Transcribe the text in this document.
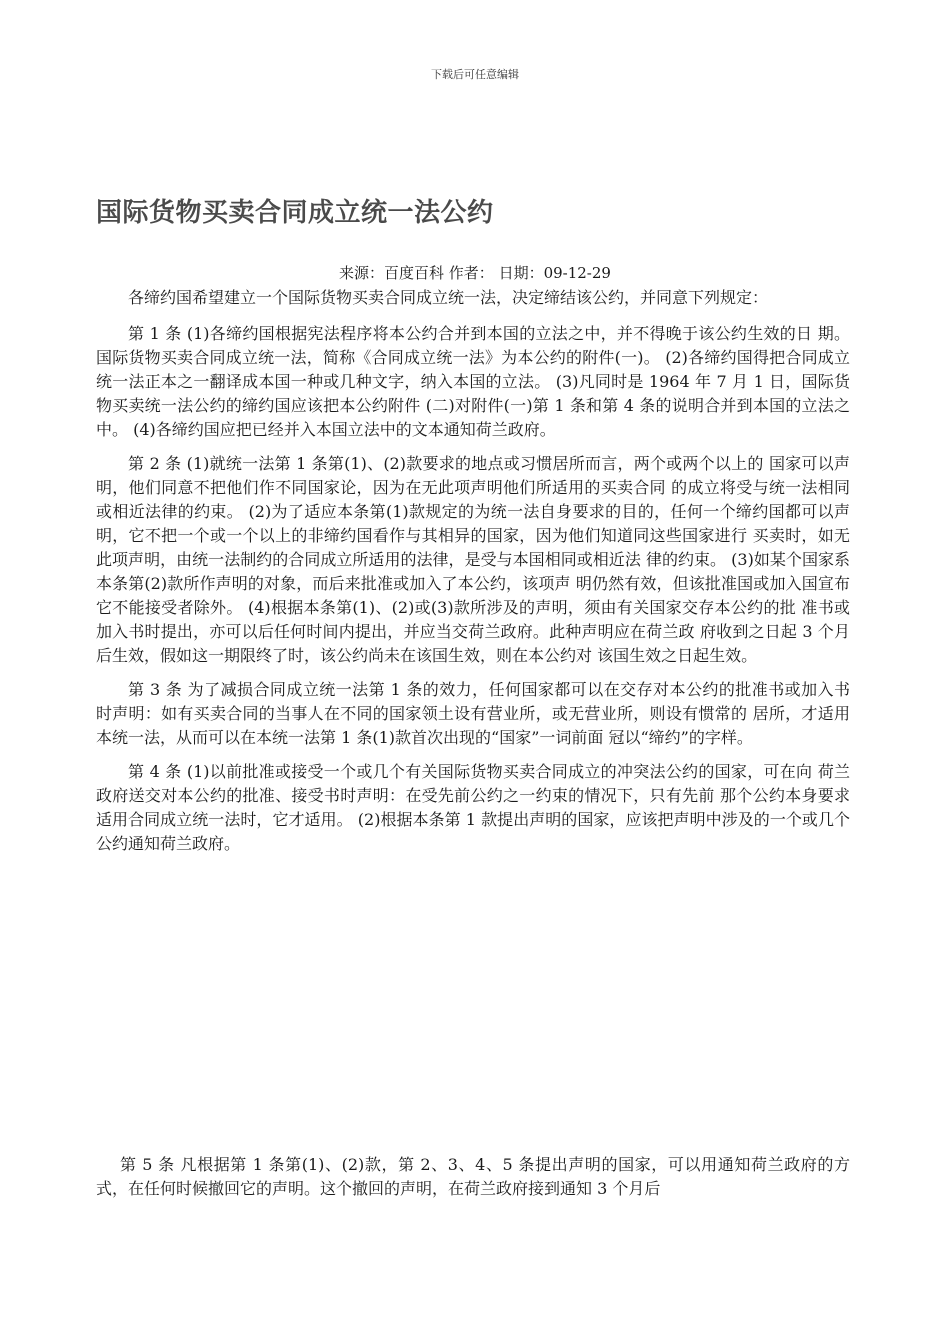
下载后可任意编辑
国际货物买卖合同成立统一法公约
来源：百度百科 作者： 日期：09-12-29

各缔约国希望建立一个国际货物买卖合同成立统一法，决定缔结该公约，并同意下列规定：

第 1 条 (1)各缔约国根据宪法程序将本公约合并到本国的立法之中，并不得晚于该公约生效的日 期。国际货物买卖合同成立统一法，简称《合同成立统一法》为本公约的附件(一)。 (2)各缔约国得把合同成立统一法正本之一翻译成本国一种或几种文字，纳入本国的立法。 (3)凡同时是 1964 年 7 月 1 日，国际货物买卖统一法公约的缔约国应该把本公约附件 (二)对附件(一)第 1 条和第 4 条的说明合并到本国的立法之中。 (4)各缔约国应把已经并入本国立法中的文本通知荷兰政府。

第 2 条 (1)就统一法第 1 条第(1)、(2)款要求的地点或习惯居所而言，两个或两个以上的 国家可以声明，他们同意不把他们作不同国家论，因为在无此项声明他们所适用的买卖合同 的成立将受与统一法相同或相近法律的约束。 (2)为了适应本条第(1)款规定的为统一法自身要求的目的，任何一个缔约国都可以声 明，它不把一个或一个以上的非缔约国看作与其相异的国家，因为他们知道同这些国家进行 买卖时，如无此项声明，由统一法制约的合同成立所适用的法律，是受与本国相同或相近法 律的约束。 (3)如某个国家系本条第(2)款所作声明的对象，而后来批准或加入了本公约，该项声 明仍然有效，但该批准国或加入国宣布它不能接受者除外。 (4)根据本条第(1)、(2)或(3)款所涉及的声明，须由有关国家交存本公约的批 准书或加入书时提出，亦可以后任何时间内提出，并应当交荷兰政府。此种声明应在荷兰政 府收到之日起 3 个月后生效，假如这一期限终了时，该公约尚未在该国生效，则在本公约对 该国生效之日起生效。

第 3 条 为了减损合同成立统一法第 1 条的效力，任何国家都可以在交存对本公约的批准书或加入书 时声明：如有买卖合同的当事人在不同的国家领土设有营业所，或无营业所，则设有惯常的 居所，才适用本统一法，从而可以在本统一法第 1 条(1)款首次出现的“国家”一词前面 冠以“缔约”的字样。

第 4 条 (1)以前批准或接受一个或几个有关国际货物买卖合同成立的冲突法公约的国家，可在向 荷兰政府送交对本公约的批准、接受书时声明：在受先前公约之一约束的情况下，只有先前 那个公约本身要求适用合同成立统一法时，它才适用。 (2)根据本条第 1 款提出声明的国家，应该把声明中涉及的一个或几个公约通知荷兰政府。

第 5 条 凡根据第 1 条第(1)、(2)款，第 2、3、4、5 条提出声明的国家，可以用通知荷兰政府的方式，在任何时候撤回它的声明。这个撤回的声明，在荷兰政府接到通知 3 个月后
